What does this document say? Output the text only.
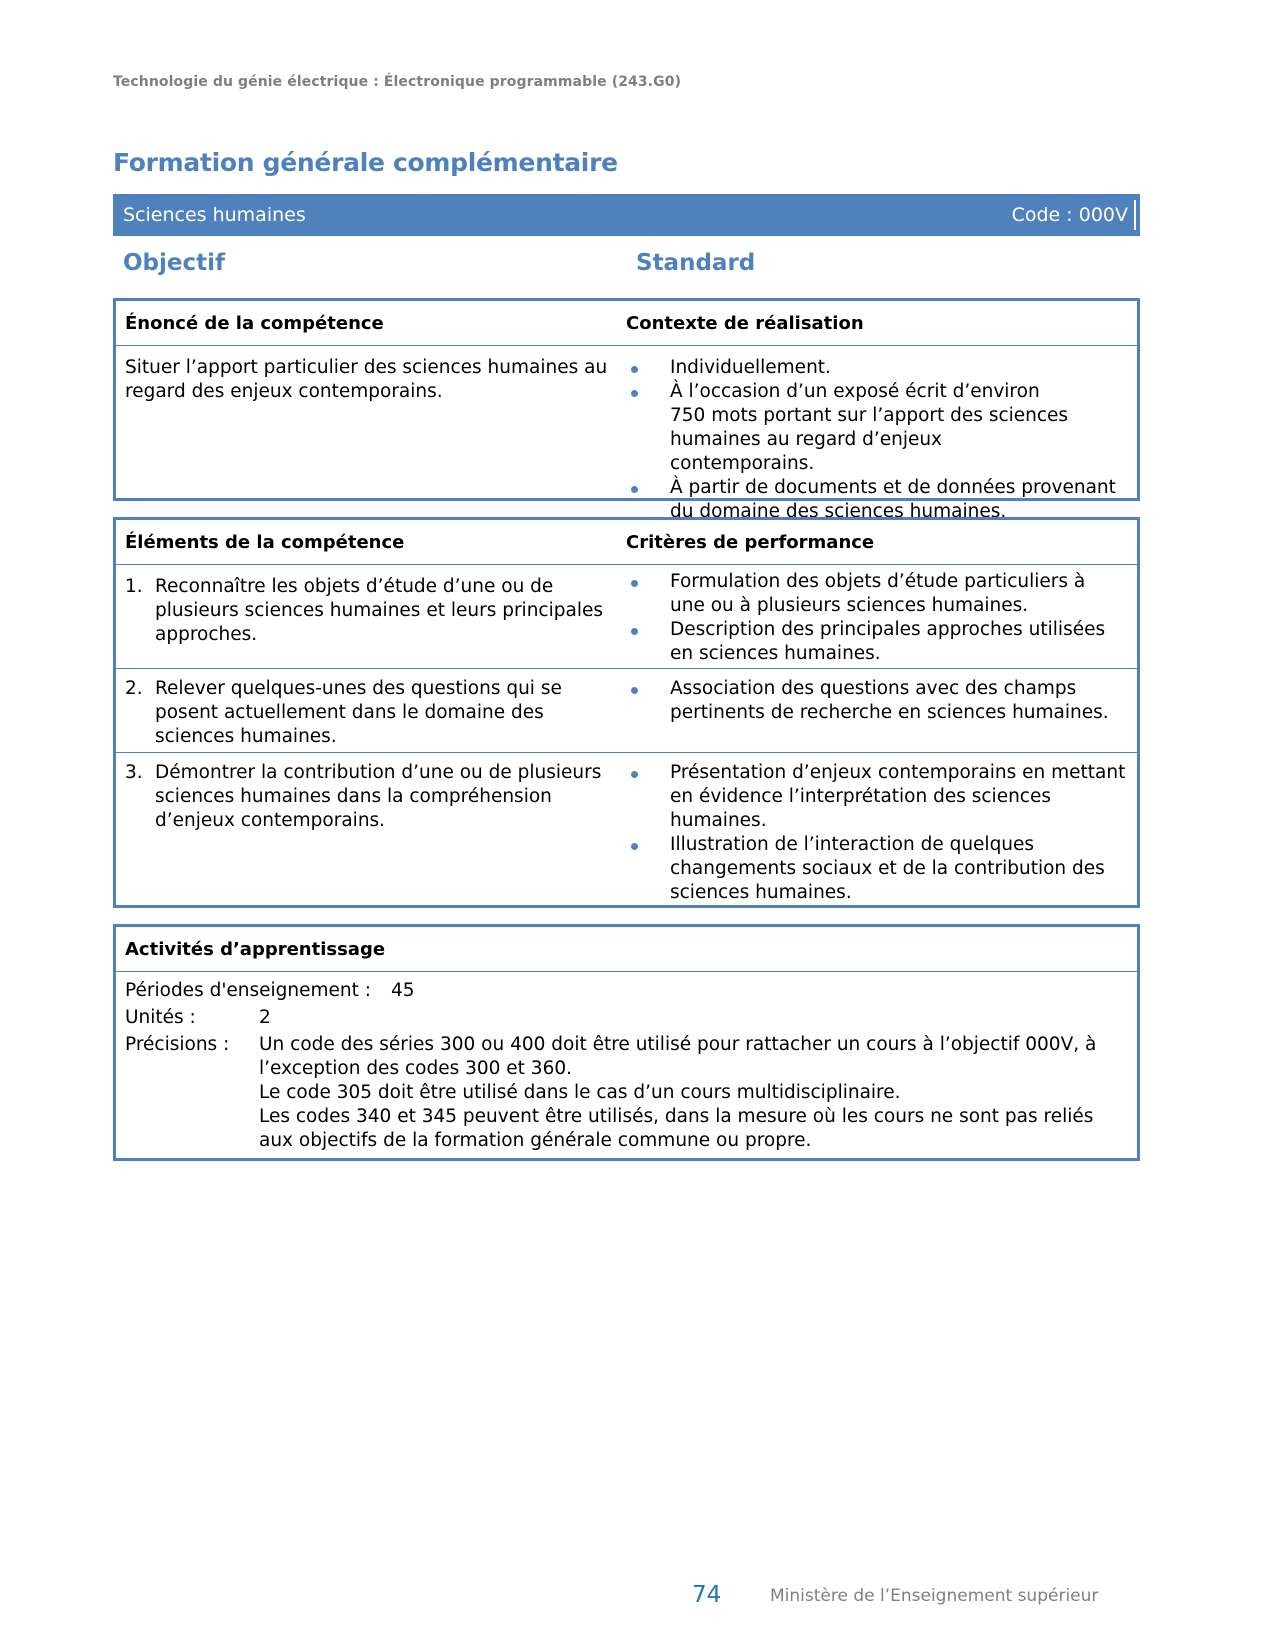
Technologie du génie électrique : Électronique programmable (243.G0)
Formation générale complémentaire
Sciences humaines	Code : 000V
Objectif	Standard
Énoncé de la compétence	Contexte de réalisation
Situer l’apport particulier des sciences humaines au regard des enjeux contemporains.
Individuellement.
À l’occasion d’un exposé écrit d’environ 750 mots portant sur l’apport des sciences humaines au regard d’enjeux contemporains.
À partir de documents et de données provenant du domaine des sciences humaines.
Éléments de la compétence	Critères de performance
1. Reconnaître les objets d’étude d’une ou de plusieurs sciences humaines et leurs principales approches.
Formulation des objets d’étude particuliers à une ou à plusieurs sciences humaines.
Description des principales approches utilisées en sciences humaines.
2. Relever quelques-unes des questions qui se posent actuellement dans le domaine des sciences humaines.
Association des questions avec des champs pertinents de recherche en sciences humaines.
3. Démontrer la contribution d’une ou de plusieurs sciences humaines dans la compréhension d’enjeux contemporains.
Présentation d’enjeux contemporains en mettant en évidence l’interprétation des sciences humaines.
Illustration de l’interaction de quelques changements sociaux et de la contribution des sciences humaines.
Activités d’apprentissage
Périodes d'enseignement : 45
Unités :	2
Précisions :	Un code des séries 300 ou 400 doit être utilisé pour rattacher un cours à l’objectif 000V, à l’exception des codes 300 et 360.
Le code 305 doit être utilisé dans le cas d’un cours multidisciplinaire.
Les codes 340 et 345 peuvent être utilisés, dans la mesure où les cours ne sont pas reliés aux objectifs de la formation générale commune ou propre.
74	Ministère de l’Enseignement supérieur
